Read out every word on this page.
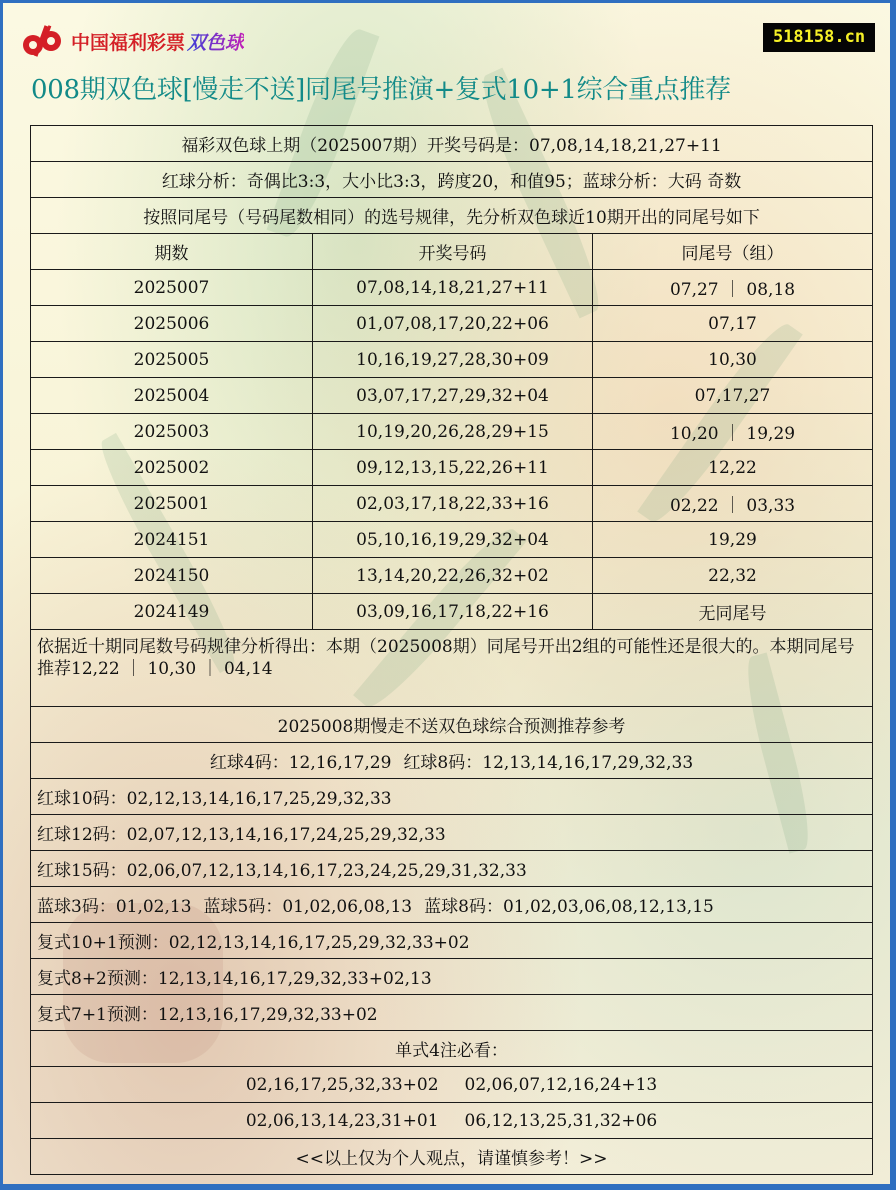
中国福利彩票 双色球	518158.cn
008期双色球[慢走不送]同尾号推演+复式10+1综合重点推荐
福彩双色球上期（2025007期）开奖号码是：07,08,14,18,21,27+11		
红球分析：奇偶比3:3，大小比3:3，跨度20，和值95；蓝球分析：大码 奇数		
按照同尾号（号码尾数相同）的选号规律，先分析双色球近10期开出的同尾号如下		
期数	开奖号码	同尾号（组）
2025007	07,08,14,18,21,27+11	07,27 ｜ 08,18
2025006	01,07,08,17,20,22+06	07,17
2025005	10,16,19,27,28,30+09	10,30
2025004	03,07,17,27,29,32+04	07,17,27
2025003	10,19,20,26,28,29+15	10,20 ｜ 19,29
2025002	09,12,13,15,22,26+11	12,22
2025001	02,03,17,18,22,33+16	02,22 ｜ 03,33
2024151	05,10,16,19,29,32+04	19,29
2024150	13,14,20,22,26,32+02	22,32
2024149	03,09,16,17,18,22+16	无同尾号
依据近十期同尾数号码规律分析得出：本期（2025008期）同尾号开出2组的可能性还是很大的。本期同尾号推荐12,22 ｜ 10,30 ｜ 04,14		
2025008期慢走不送双色球综合预测推荐参考		
红球4码：12,16,17,29 红球8码：12,13,14,16,17,29,32,33		
红球10码：02,12,13,14,16,17,25,29,32,33		
红球12码：02,07,12,13,14,16,17,24,25,29,32,33		
红球15码：02,06,07,12,13,14,16,17,23,24,25,29,31,32,33		
蓝球3码：01,02,13 蓝球5码：01,02,06,08,13 蓝球8码：01,02,03,06,08,12,13,15		
复式10+1预测：02,12,13,14,16,17,25,29,32,33+02		
复式8+2预测：12,13,14,16,17,29,32,33+02,13		
复式7+1预测：12,13,16,17,29,32,33+02		
单式4注必看：		
02,16,17,25,32,33+02 02,06,07,12,16,24+13		
02,06,13,14,23,31+01 06,12,13,25,31,32+06		
<<以上仅为个人观点，请谨慎参考！>>		
